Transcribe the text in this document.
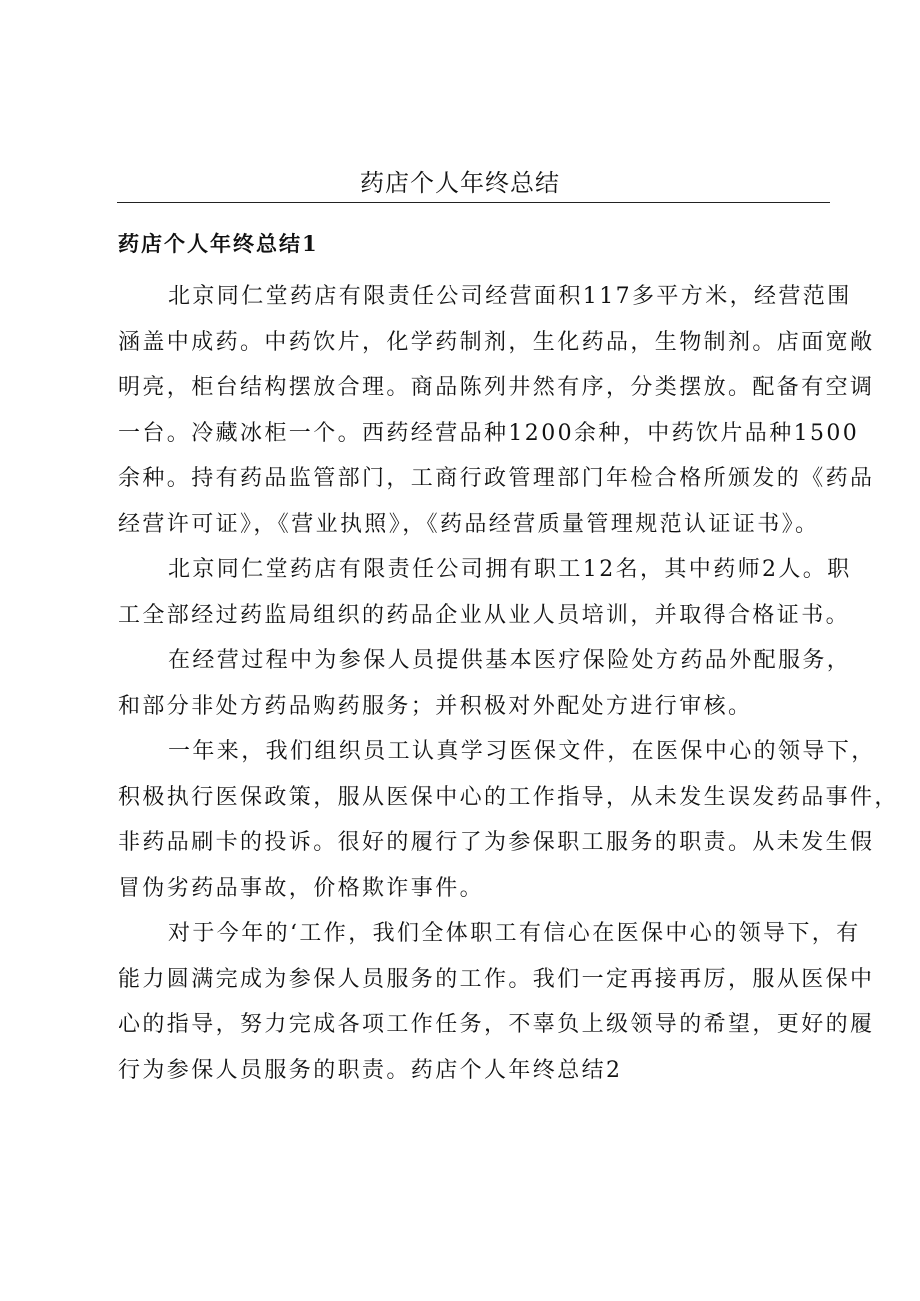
药店个人年终总结
药店个人年终总结1

北京同仁堂药店有限责任公司经营面积117多平方米，经营范围
涵盖中成药。中药饮片，化学药制剂，生化药品，生物制剂。店面宽敞
明亮，柜台结构摆放合理。商品陈列井然有序，分类摆放。配备有空调
一台。冷藏冰柜一个。西药经营品种1200余种，中药饮片品种1500
余种。持有药品监管部门，工商行政管理部门年检合格所颁发的《药品
经营许可证》，《营业执照》，《药品经营质量管理规范认证证书》。

北京同仁堂药店有限责任公司拥有职工12名，其中药师2人。职
工全部经过药监局组织的药品企业从业人员培训，并取得合格证书。

在经营过程中为参保人员提供基本医疗保险处方药品外配服务，
和部分非处方药品购药服务；并积极对外配处方进行审核。

一年来，我们组织员工认真学习医保文件，在医保中心的领导下，
积极执行医保政策，服从医保中心的工作指导，从未发生误发药品事件，
非药品刷卡的投诉。很好的履行了为参保职工服务的职责。从未发生假
冒伪劣药品事故，价格欺诈事件。

对于今年的‘工作，我们全体职工有信心在医保中心的领导下，有
能力圆满完成为参保人员服务的工作。我们一定再接再厉，服从医保中
心的指导，努力完成各项工作任务，不辜负上级领导的希望，更好的履
行为参保人员服务的职责。药店个人年终总结2
